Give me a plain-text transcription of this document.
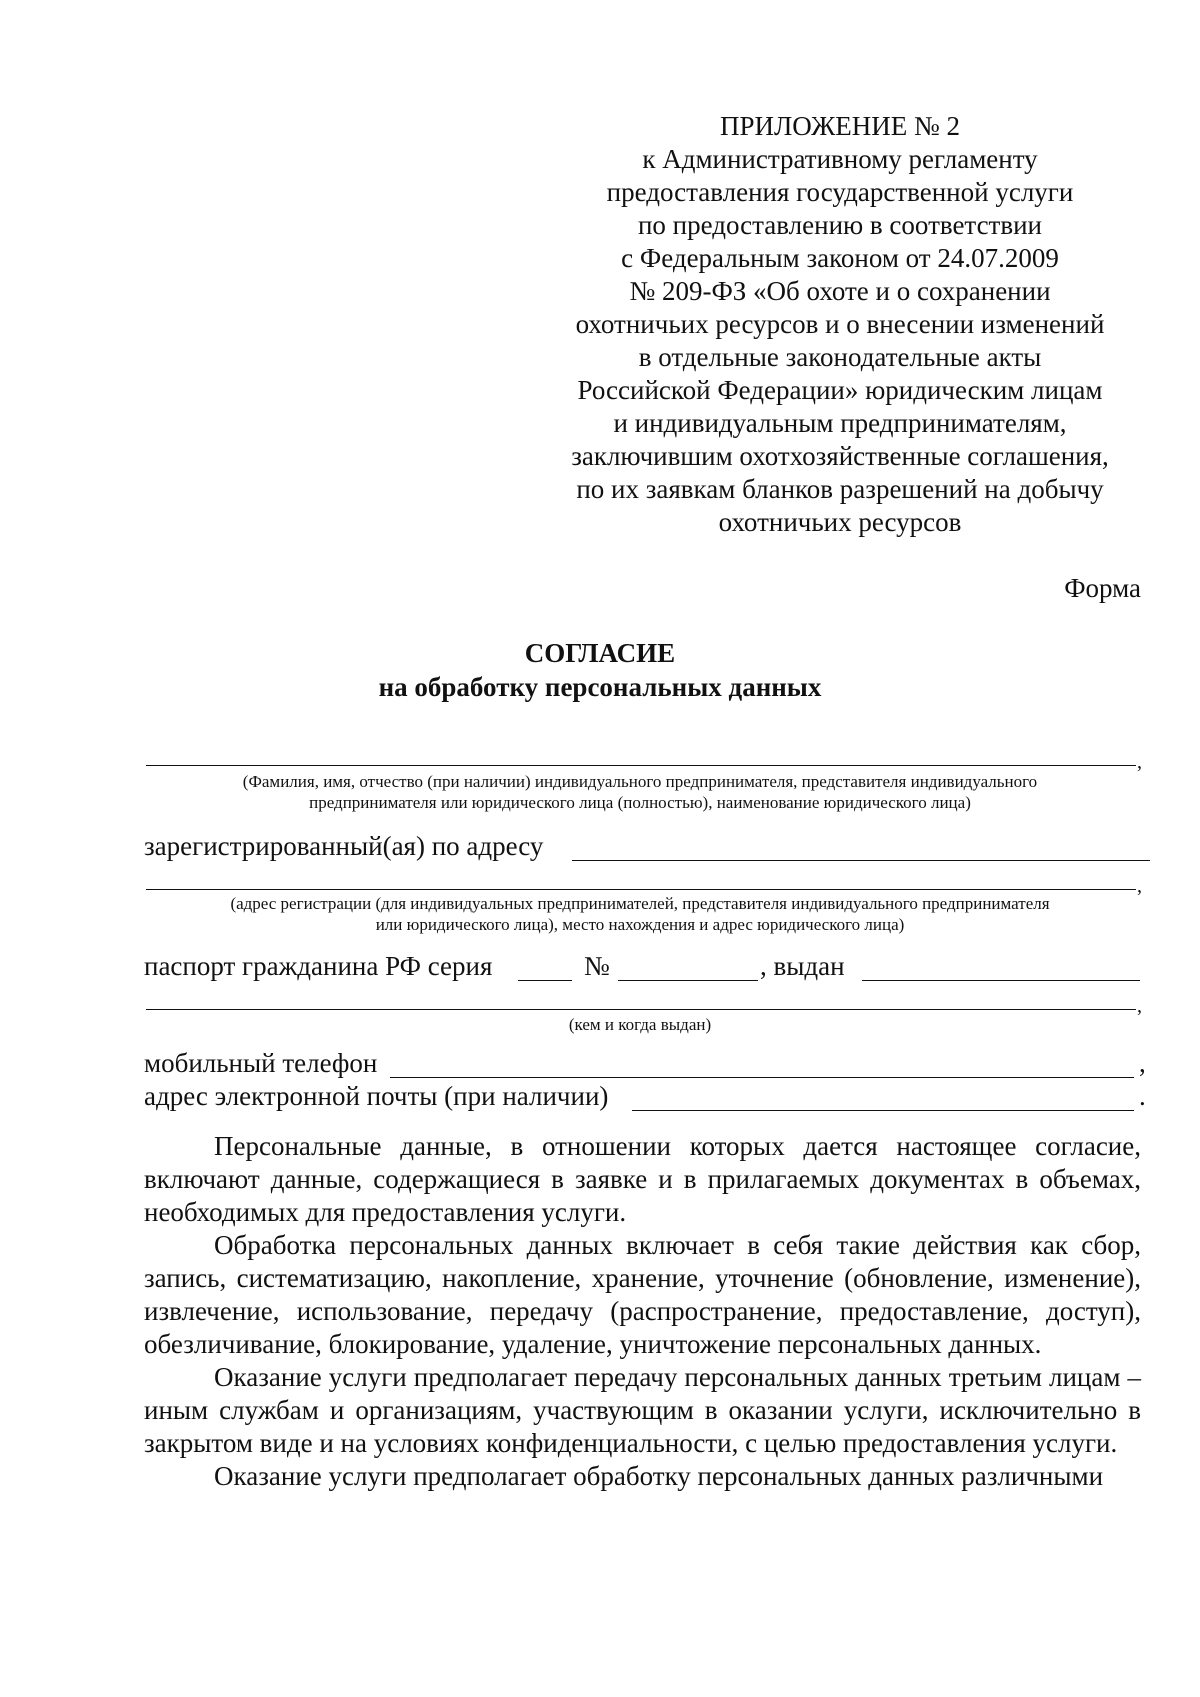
ПРИЛОЖЕНИЕ № 2
к Административному регламенту
предоставления государственной услуги
по предоставлению в соответствии
с Федеральным законом от 24.07.2009
№ 209-ФЗ «Об охоте и о сохранении
охотничьих ресурсов и о внесении изменений
в отдельные законодательные акты
Российской Федерации» юридическим лицам
и индивидуальным предпринимателям,
заключившим охотхозяйственные соглашения,
по их заявкам бланков разрешений на добычу
охотничьих ресурсов
Форма
СОГЛАСИЕ
на обработку персональных данных
,
(Фамилия, имя, отчество (при наличии) индивидуального предпринимателя, представителя индивидуального
предпринимателя или юридического лица (полностью), наименование юридического лица)
зарегистрированный(ая) по адресу
,
(адрес регистрации (для индивидуальных предпринимателей, представителя индивидуального предпринимателя
или юридического лица), место нахождения и адрес юридического лица)
паспорт гражданина РФ серия	№	, выдан
,
(кем и когда выдан)
мобильный телефон	,
адрес электронной почты (при наличии)	.

Персональные данные, в отношении которых дается настоящее согласие, включают данные, содержащиеся в заявке и в прилагаемых документах в объемах, необходимых для предоставления услуги.

Обработка персональных данных включает в себя такие действия как сбор, запись, систематизацию, накопление, хранение, уточнение (обновление, изменение), извлечение, использование, передачу (распространение, предоставление, доступ), обезличивание, блокирование, удаление, уничтожение персональных данных.

Оказание услуги предполагает передачу персональных данных третьим лицам – иным службам и организациям, участвующим в оказании услуги, исключительно в закрытом виде и на условиях конфиденциальности, с целью предоставления услуги.

Оказание услуги предполагает обработку персональных данных различными
